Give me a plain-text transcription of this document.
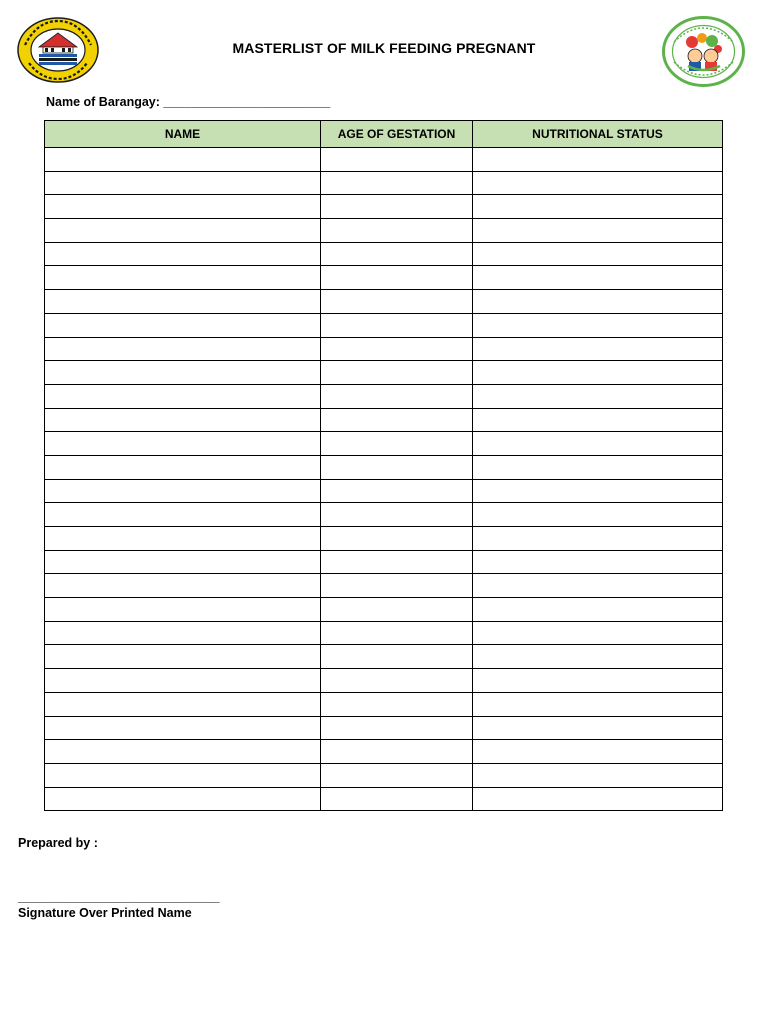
MASTERLIST OF MILK FEEDING PREGNANT
Name of Barangay: ________________________
NAME	AGE OF GESTATION	NUTRITIONAL STATUS

Prepared by :
_____________________________
Signature Over Printed Name
